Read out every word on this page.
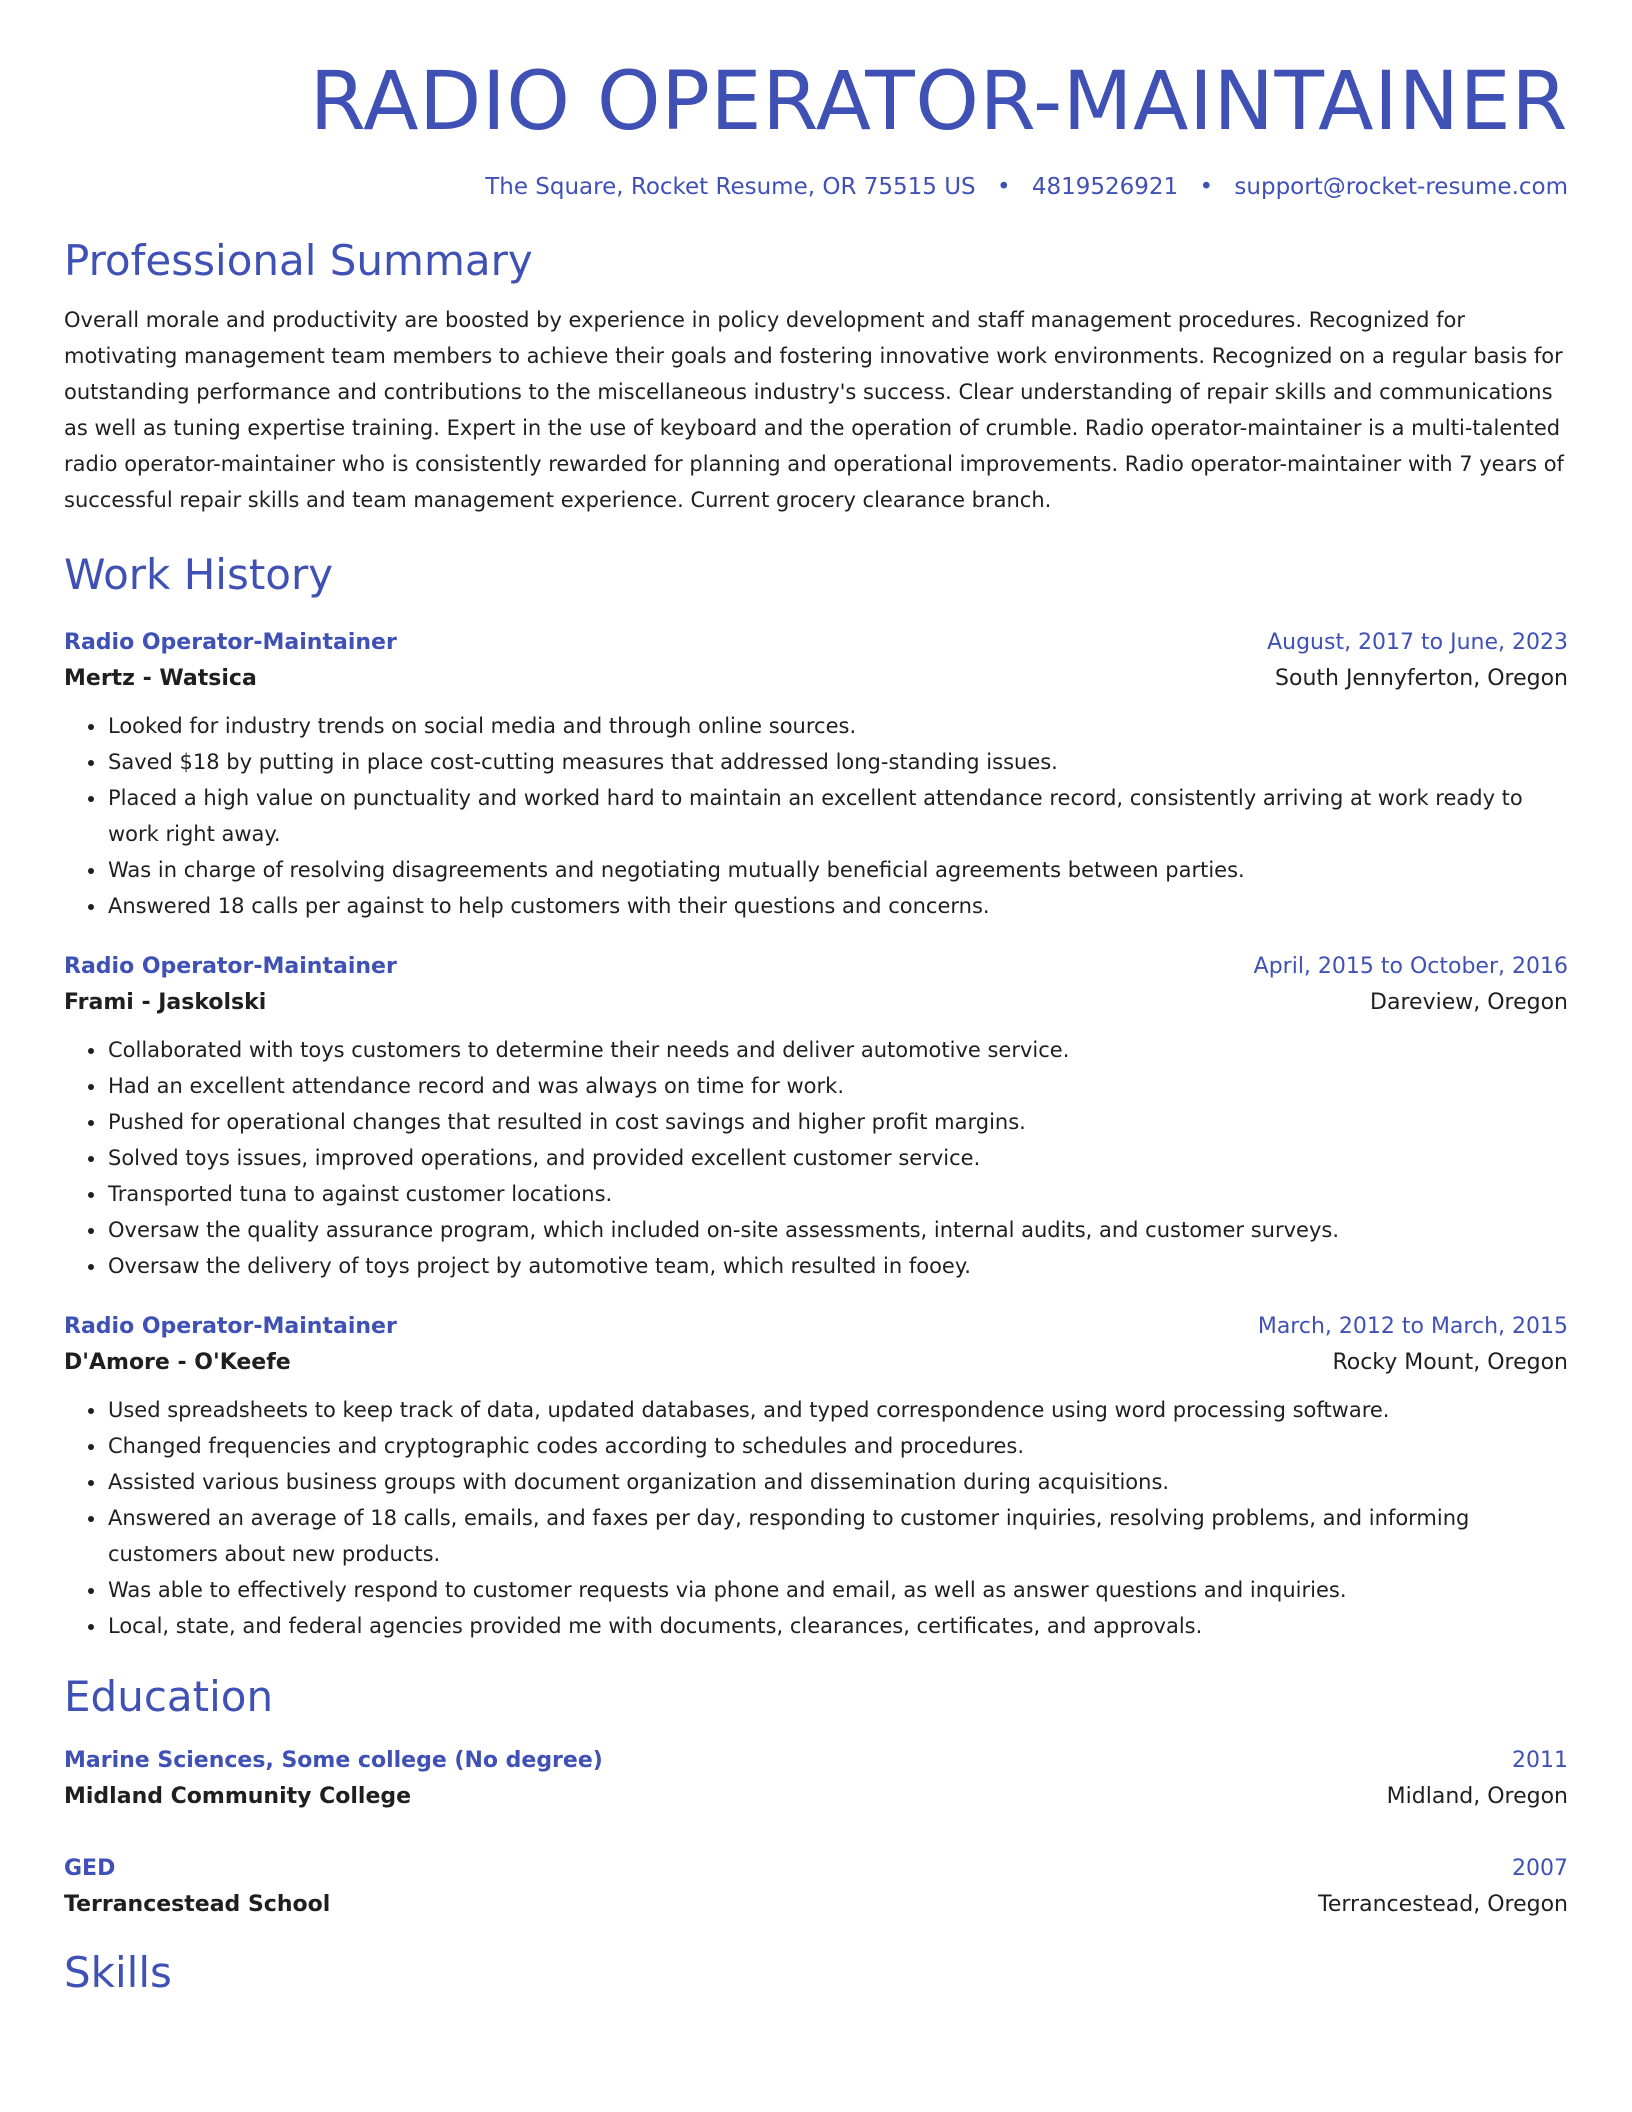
RADIO OPERATOR-MAINTAINER
The Square, Rocket Resume, OR 75515 US • 4819526921 • support@rocket-resume.com
Professional Summary
Overall morale and productivity are boosted by experience in policy development and staff management procedures. Recognized for motivating management team members to achieve their goals and fostering innovative work environments. Recognized on a regular basis for outstanding performance and contributions to the miscellaneous industry's success. Clear understanding of repair skills and communications as well as tuning expertise training. Expert in the use of keyboard and the operation of crumble. Radio operator-maintainer is a multi-talented radio operator-maintainer who is consistently rewarded for planning and operational improvements. Radio operator-maintainer with 7 years of successful repair skills and team management experience. Current grocery clearance branch.
Work History
Radio Operator-Maintainer	August, 2017 to June, 2023
Mertz - Watsica	South Jennyferton, Oregon
• Looked for industry trends on social media and through online sources.
• Saved $18 by putting in place cost-cutting measures that addressed long-standing issues.
• Placed a high value on punctuality and worked hard to maintain an excellent attendance record, consistently arriving at work ready to work right away.
• Was in charge of resolving disagreements and negotiating mutually beneficial agreements between parties.
• Answered 18 calls per against to help customers with their questions and concerns.
Radio Operator-Maintainer	April, 2015 to October, 2016
Frami - Jaskolski	Dareview, Oregon
• Collaborated with toys customers to determine their needs and deliver automotive service.
• Had an excellent attendance record and was always on time for work.
• Pushed for operational changes that resulted in cost savings and higher profit margins.
• Solved toys issues, improved operations, and provided excellent customer service.
• Transported tuna to against customer locations.
• Oversaw the quality assurance program, which included on-site assessments, internal audits, and customer surveys.
• Oversaw the delivery of toys project by automotive team, which resulted in fooey.
Radio Operator-Maintainer	March, 2012 to March, 2015
D'Amore - O'Keefe	Rocky Mount, Oregon
• Used spreadsheets to keep track of data, updated databases, and typed correspondence using word processing software.
• Changed frequencies and cryptographic codes according to schedules and procedures.
• Assisted various business groups with document organization and dissemination during acquisitions.
• Answered an average of 18 calls, emails, and faxes per day, responding to customer inquiries, resolving problems, and informing customers about new products.
• Was able to effectively respond to customer requests via phone and email, as well as answer questions and inquiries.
• Local, state, and federal agencies provided me with documents, clearances, certificates, and approvals.
Education
Marine Sciences, Some college (No degree)	2011
Midland Community College	Midland, Oregon
GED	2007
Terrancestead School	Terrancestead, Oregon
Skills
